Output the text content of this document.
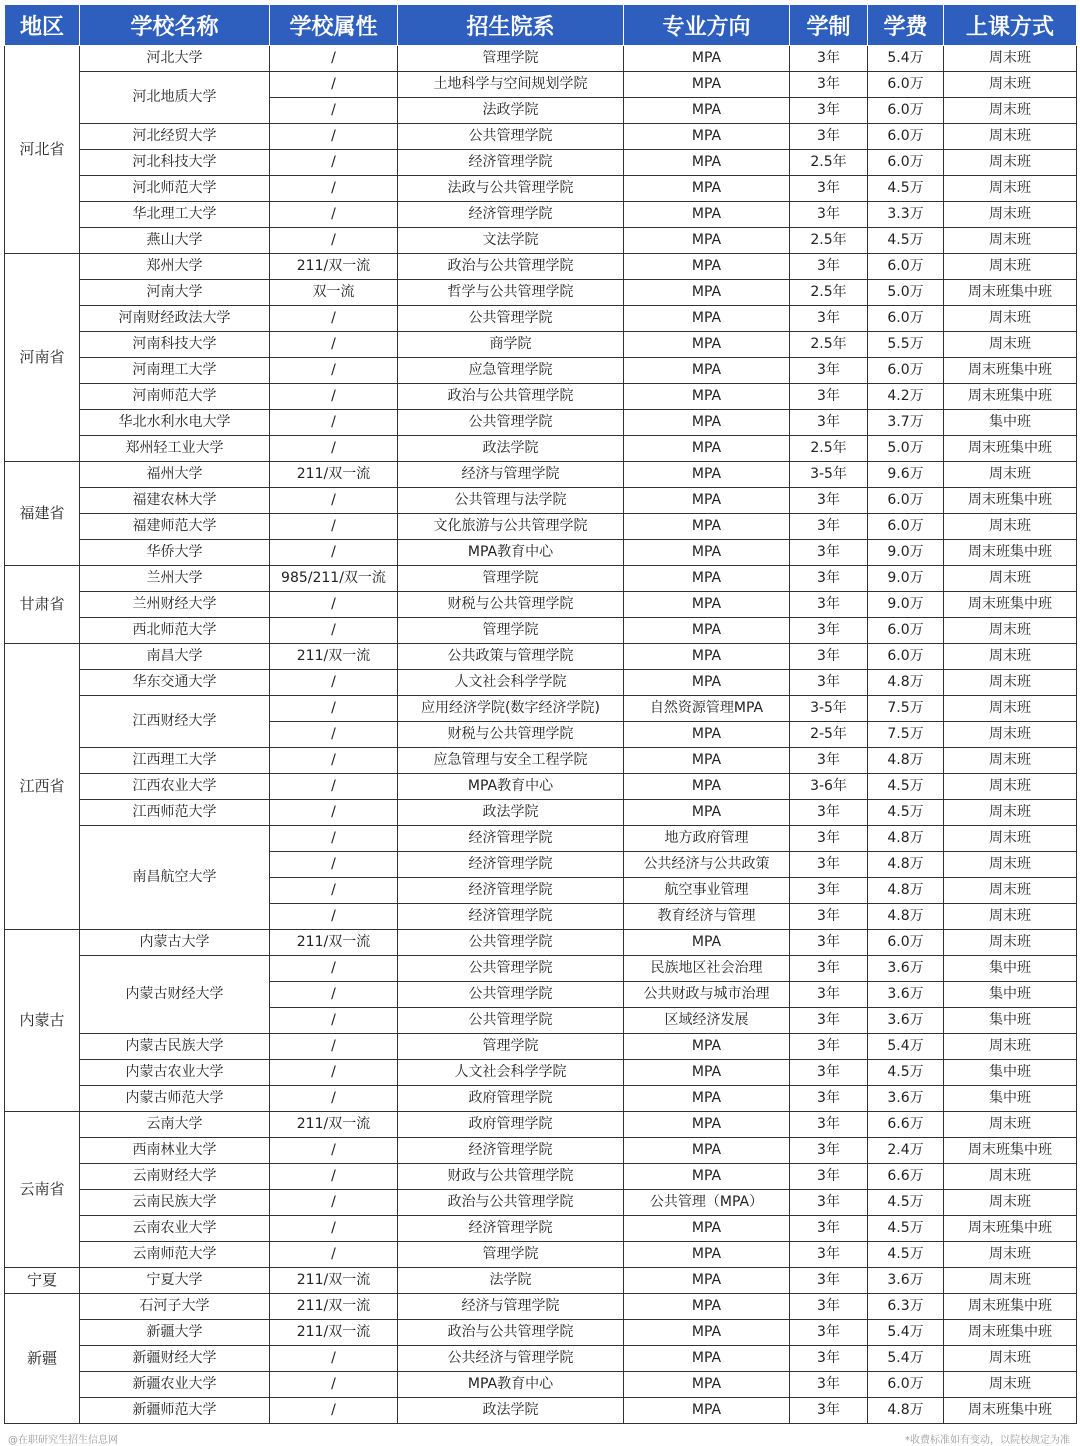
地区	学校名称	学校属性	招生院系	专业方向	学制	学费	上课方式
河北省	河北大学	/	管理学院	MPA	3年	5.4万	周末班
	河北地质大学	/	土地科学与空间规划学院	MPA	3年	6.0万	周末班
		/	法政学院	MPA	3年	6.0万	周末班
	河北经贸大学	/	公共管理学院	MPA	3年	6.0万	周末班
	河北科技大学	/	经济管理学院	MPA	2.5年	6.0万	周末班
	河北师范大学	/	法政与公共管理学院	MPA	3年	4.5万	周末班
	华北理工大学	/	经济管理学院	MPA	3年	3.3万	周末班
	燕山大学	/	文法学院	MPA	2.5年	4.5万	周末班
河南省	郑州大学	211/双一流	政治与公共管理学院	MPA	3年	6.0万	周末班
	河南大学	双一流	哲学与公共管理学院	MPA	2.5年	5.0万	周末班集中班
	河南财经政法大学	/	公共管理学院	MPA	3年	6.0万	周末班
	河南科技大学	/	商学院	MPA	2.5年	5.5万	周末班
	河南理工大学	/	应急管理学院	MPA	3年	6.0万	周末班集中班
	河南师范大学	/	政治与公共管理学院	MPA	3年	4.2万	周末班集中班
	华北水利水电大学	/	公共管理学院	MPA	3年	3.7万	集中班
	郑州轻工业大学	/	政法学院	MPA	2.5年	5.0万	周末班集中班
福建省	福州大学	211/双一流	经济与管理学院	MPA	3-5年	9.6万	周末班
	福建农林大学	/	公共管理与法学院	MPA	3年	6.0万	周末班集中班
	福建师范大学	/	文化旅游与公共管理学院	MPA	3年	6.0万	周末班
	华侨大学	/	MPA教育中心	MPA	3年	9.0万	周末班集中班
甘肃省	兰州大学	985/211/双一流	管理学院	MPA	3年	9.0万	周末班
	兰州财经大学	/	财税与公共管理学院	MPA	3年	9.0万	周末班集中班
	西北师范大学	/	管理学院	MPA	3年	6.0万	周末班
江西省	南昌大学	211/双一流	公共政策与管理学院	MPA	3年	6.0万	周末班
	华东交通大学	/	人文社会科学学院	MPA	3年	4.8万	周末班
	江西财经大学	/	应用经济学院(数字经济学院)	自然资源管理MPA	3-5年	7.5万	周末班
		/	财税与公共管理学院	MPA	2-5年	7.5万	周末班
	江西理工大学	/	应急管理与安全工程学院	MPA	3年	4.8万	周末班
	江西农业大学	/	MPA教育中心	MPA	3-6年	4.5万	周末班
	江西师范大学	/	政法学院	MPA	3年	4.5万	周末班
	南昌航空大学	/	经济管理学院	地方政府管理	3年	4.8万	周末班
		/	经济管理学院	公共经济与公共政策	3年	4.8万	周末班
		/	经济管理学院	航空事业管理	3年	4.8万	周末班
		/	经济管理学院	教育经济与管理	3年	4.8万	周末班
内蒙古	内蒙古大学	211/双一流	公共管理学院	MPA	3年	6.0万	周末班
	内蒙古财经大学	/	公共管理学院	民族地区社会治理	3年	3.6万	集中班
		/	公共管理学院	公共财政与城市治理	3年	3.6万	集中班
		/	公共管理学院	区域经济发展	3年	3.6万	集中班
	内蒙古民族大学	/	管理学院	MPA	3年	5.4万	周末班
	内蒙古农业大学	/	人文社会科学学院	MPA	3年	4.5万	集中班
	内蒙古师范大学	/	政府管理学院	MPA	3年	3.6万	集中班
云南省	云南大学	211/双一流	政府管理学院	MPA	3年	6.6万	周末班
	西南林业大学	/	经济管理学院	MPA	3年	2.4万	周末班集中班
	云南财经大学	/	财政与公共管理学院	MPA	3年	6.6万	周末班
	云南民族大学	/	政治与公共管理学院	公共管理（MPA）	3年	4.5万	周末班
	云南农业大学	/	经济管理学院	MPA	3年	4.5万	周末班集中班
	云南师范大学	/	管理学院	MPA	3年	4.5万	周末班
宁夏	宁夏大学	211/双一流	法学院	MPA	3年	3.6万	周末班
新疆	石河子大学	211/双一流	经济与管理学院	MPA	3年	6.3万	周末班集中班
	新疆大学	211/双一流	政治与公共管理学院	MPA	3年	5.4万	周末班集中班
	新疆财经大学	/	公共经济与管理学院	MPA	3年	5.4万	周末班
	新疆农业大学	/	MPA教育中心	MPA	3年	6.0万	周末班
	新疆师范大学	/	政法学院	MPA	3年	4.8万	周末班集中班
@在职研究生招生信息网	*收费标准如有变动，以院校规定为准
